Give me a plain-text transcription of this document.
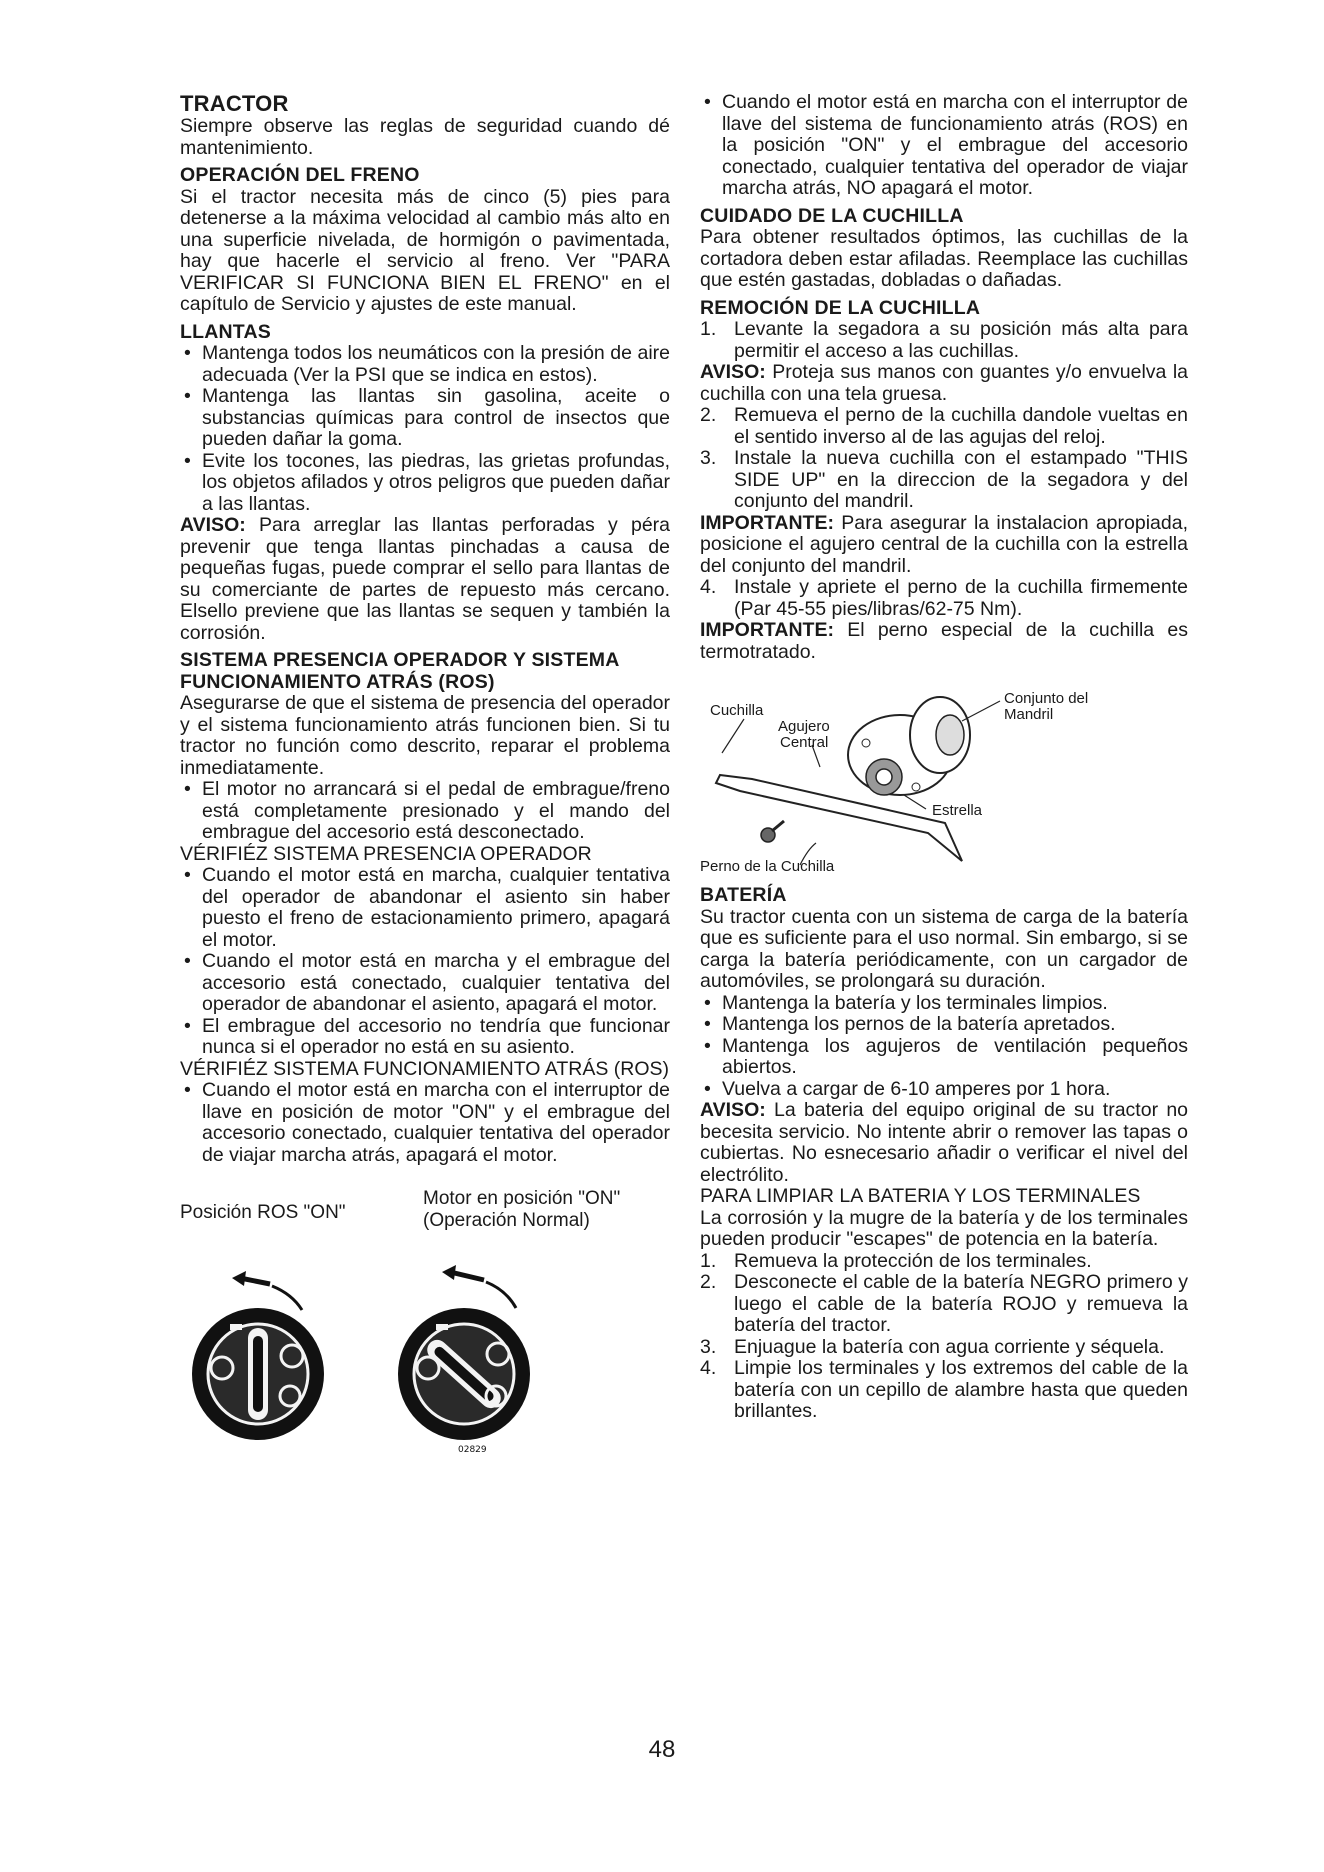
TRACTOR

Siempre observe las reglas de seguridad cuando dé mantenimiento.

OPERACIÓN DEL FRENO

Si el tractor necesita más de cinco (5) pies para detenerse a la máxima velocidad al cambio más alto en una superficie nivelada, de hormigón o pavimentada, hay que hacerle el servicio al freno. Ver "PARA VERIFICAR SI FUNCIONA BIEN EL FRENO" en el capítulo de Servicio y ajustes de este manual.

LLANTAS
• Mantenga todos los neumáticos con la presión de aire adecuada (Ver la PSI que se indica en estos).
• Mantenga las llantas sin gasolina, aceite o substancias químicas para control de insectos que pueden dañar la goma.
• Evite los tocones, las piedras, las grietas profundas, los objetos afilados y otros peligros que pueden dañar a las llantas.

AVISO: Para arreglar las llantas perforadas y péra prevenir que tenga llantas pinchadas a causa de pequeñas fugas, puede comprar el sello para llantas de su comerciante de partes de repuesto más cercano. Elsello previene que las llantas se sequen y también la corrosión.

SISTEMA PRESENCIA OPERADOR Y SISTEMA FUNCIONAMIENTO ATRÁS (ROS)

Asegurarse de que el sistema de presencia del operador y el sistema funcionamiento atrás funcionen bien. Si tu tractor no función como descrito, reparar el problema inmediatamente.

• El motor no arrancará si el pedal de embrague/freno está completamente presionado y el mando del embrague del accesorio está desconectado.
VÉRIFIÉZ SISTEMA PRESENCIA OPERADOR
• Cuando el motor está en marcha, cualquier tentativa del operador de abandonar el asiento sin haber puesto el freno de estacionamiento primero, apagará el motor.
• Cuando el motor está en marcha y el embrague del accesorio está conectado, cualquier tentativa del operador de abandonar el asiento, apagará el motor.
• El embrague del accesorio no tendría que funcionar nunca si el operador no está en su asiento.
VÉRIFIÉZ SISTEMA FUNCIONAMIENTO ATRÁS (ROS)
• Cuando el motor está en marcha con el interruptor de llave en posición de motor "ON" y el embrague del accesorio conectado, cualquier tentativa del operador de viajar marcha atrás, apagará el motor.
Posición ROS "ON"
Motor en posición "ON"
(Operación Normal)
02829
• Cuando el motor está en marcha con el interruptor de llave del sistema de funcionamiento atrás (ROS) en la posición "ON" y el embrague del accesorio conectado, cualquier tentativa del operador de viajar marcha atrás, NO apagará el motor.
CUIDADO DE LA CUCHILLA

Para obtener resultados óptimos, las cuchillas de la cortadora deben estar afiladas. Reemplace las cuchillas que estén gastadas, dobladas o dañadas.

REMOCIÓN DE LA CUCHILLA
1. Levante la segadora a su posición más alta para permitir el acceso a las cuchillas.

AVISO: Proteja sus manos con guantes y/o envuelva la cuchilla con una tela gruesa.

2. Remueva el perno de la cuchilla dandole vueltas en el sentido inverso al de las agujas del reloj.
3. Instale la nueva cuchilla con el estampado "THIS SIDE UP" en la direccion de la segadora y del conjunto del mandril.

IMPORTANTE: Para asegurar la instalacion apropiada, posicione el agujero central de la cuchilla con la estrella del conjunto del mandril.

4. Instale y apriete el perno de la cuchilla firmemente (Par 45-55 pies/libras/62-75 Nm).

IMPORTANTE: El perno especial de la cuchilla es termotratado.

Cuchilla
Agujero
Central
Conjunto del
Mandril
Estrella
Perno de la Cuchilla
BATERÍA

Su tractor cuenta con un sistema de carga de la batería que es suficiente para el uso normal. Sin embargo, si se carga la batería periódicamente, con un cargador de automóviles, se prolongará su duración.

• Mantenga la batería y los terminales limpios.
• Mantenga los pernos de la batería apretados.
• Mantenga los agujeros de ventilación pequeños abiertos.
• Vuelva a cargar de 6-10 amperes por 1 hora.

AVISO: La bateria del equipo original de su tractor no becesita servicio. No intente abrir o remover las tapas o cubiertas. No esnecesario añadir o verificar el nivel del electrólito.

PARA LIMPIAR LA BATERIA Y LOS TERMINALES

La corrosión y la mugre de la batería y de los terminales pueden producir "escapes" de potencia en la batería.

1. Remueva la protección de los terminales.
2. Desconecte el cable de la batería NEGRO primero y luego el cable de la batería ROJO y remueva la batería del tractor.
3. Enjuague la batería con agua corriente y séquela.
4. Limpie los terminales y los extremos del cable de la batería con un cepillo de alambre hasta que queden brillantes.
48
